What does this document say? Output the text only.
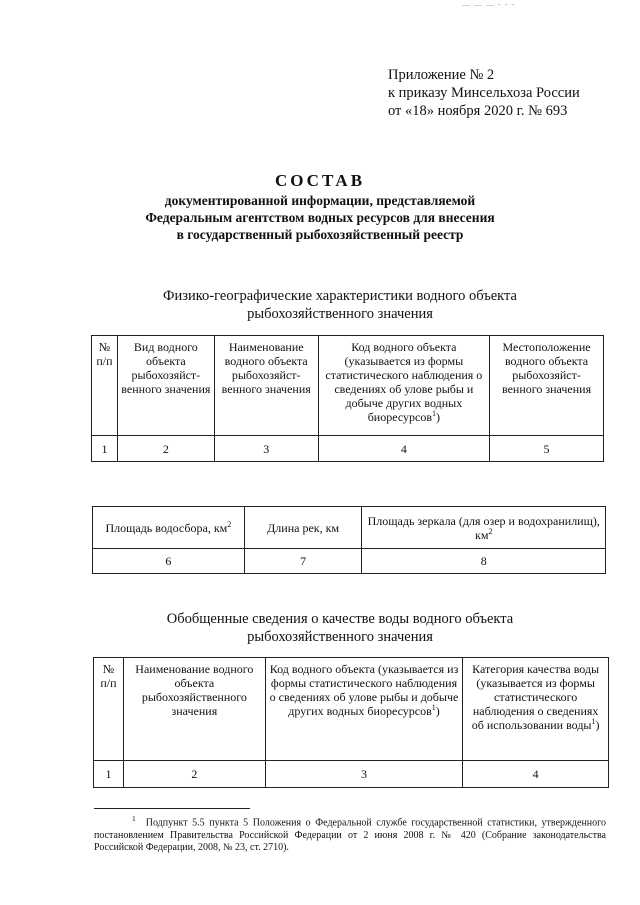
— — — - - -
Приложение № 2
к приказу Минсельхоза России
от «18» ноября 2020 г. № 693
СОСТАВ
документированной информации, представляемой
Федеральным агентством водных ресурсов для внесения
в государственный рыбохозяйственный реестр
Физико-географические характеристики водного объекта
рыбохозяйственного значения
№ п/п	Вид водного объекта рыбохозяйст- венного значения	Наименование водного объекта рыбохозяйст- венного значения	Код водного объекта (указывается из формы статистического наблюдения о сведениях об улове рыбы и добыче других водных биоресурсов$^1$)	Местоположение водного объекта рыбохозяйст- венного значения
1	2	3	4	5
Площадь водосбора, $км^2$	Длина рек, км	Площадь зеркала (для озер и водохранилищ), $км^2$
6	7	8
Обобщенные сведения о качестве воды водного объекта
рыбохозяйственного значения
№ п/п	Наименование водного объекта рыбохозяйственного значения	Код водного объекта (указывается из формы статистического наблюдения о сведениях об улове рыбы и добыче других водных биоресурсов$^1$)	Категория качества воды (указывается из формы статистического наблюдения о сведениях об использовании воды$^1$)
1	2	3	4
$^1$ Подпункт 5.5 пункта 5 Положения о Федеральной службе государственной статистики, утвержденного постановлением Правительства Российской Федерации от 2 июня 2008 г. № 420 (Собрание законодательства Российской Федерации, 2008, № 23, ст. 2710).
